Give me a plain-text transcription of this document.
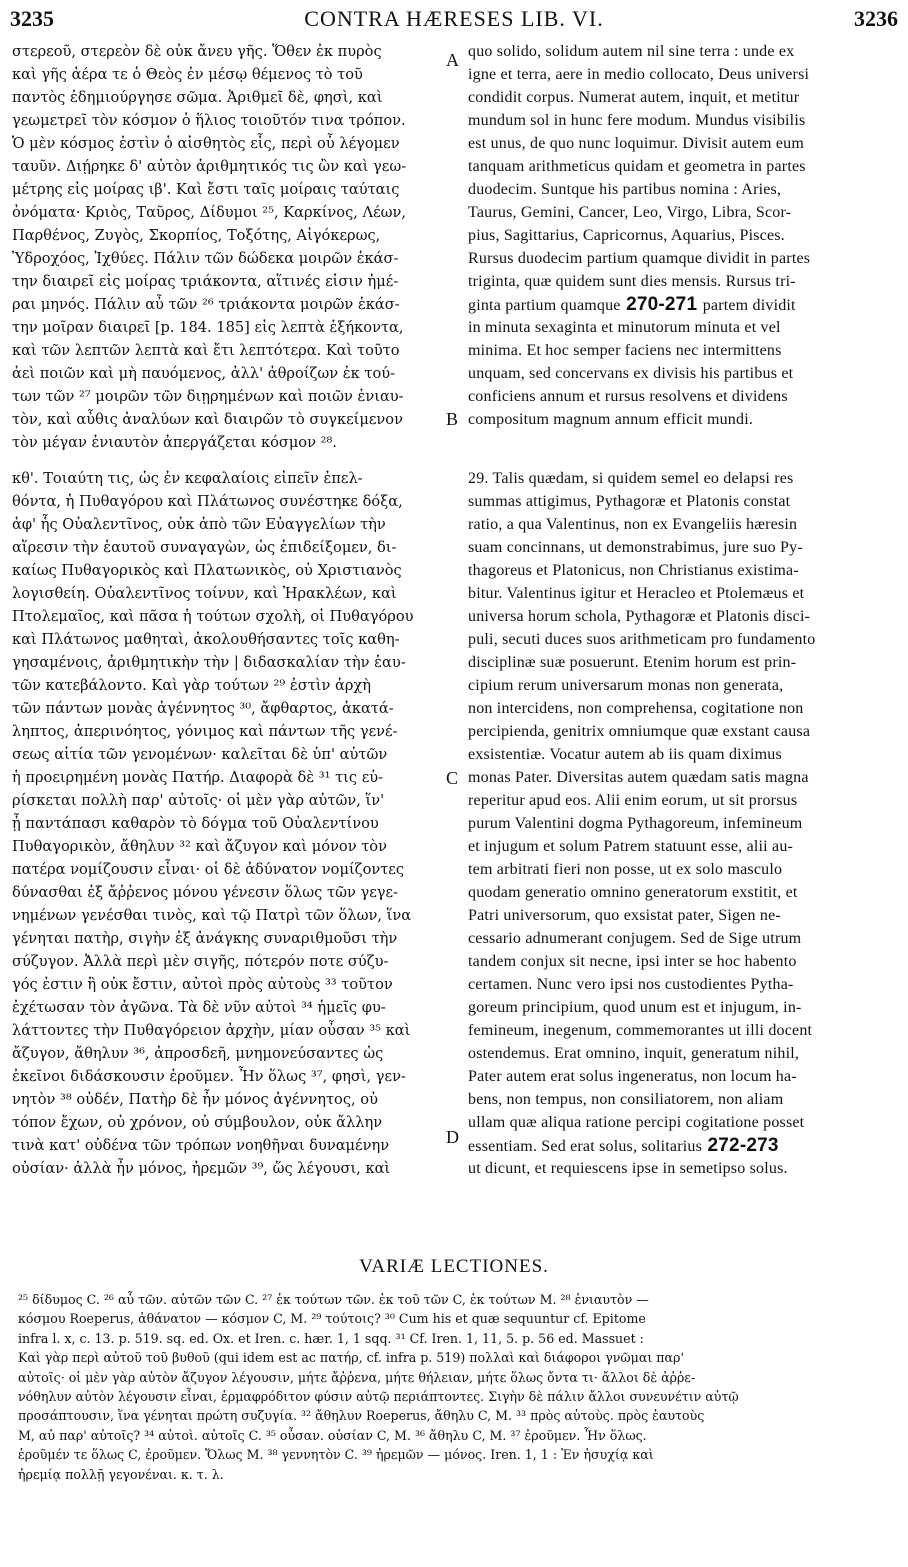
3235	CONTRA HÆRESES LIB. VI.	3236
στερεοῦ, στερεὸν δὲ οὐκ ἄνευ γῆς. Ὅθεν ἐκ πυρὸς
καὶ γῆς ἀέρα τε ὁ Θεὸς ἐν μέσῳ θέμενος τὸ τοῦ
παντὸς ἐδημιούργησε σῶμα. Ἀριθμεῖ δὲ, φησὶ, καὶ
γεωμετρεῖ τὸν κόσμον ὁ ἥλιος τοιοῦτόν τινα τρόπον.
Ὁ μὲν κόσμος ἐστὶν ὁ αἰσθητὸς εἷς, περὶ οὗ λέγομεν
ταυῦν. Διῄρηκε δ' αὐτὸν ἀριθμητικός τις ὢν καὶ γεω-
μέτρης εἰς μοίρας ιβ'. Καὶ ἔστι ταῖς μοίραις ταύταις
ὀνόματα· Κριὸς, Ταῦρος, Δίδυμοι ²⁵, Καρκίνος, Λέων,
Παρθένος, Ζυγὸς, Σκορπίος, Τοξότης, Αἰγόκερως,
Ὑδροχόος, Ἰχθύες. Πάλιν τῶν δώδεκα μοιρῶν ἑκάσ-
την διαιρεῖ εἰς μοίρας τριάκοντα, αἵτινές εἰσιν ἡμέ-
ραι μηνός. Πάλιν αὖ τῶν ²⁶ τριάκοντα μοιρῶν ἑκάσ-
την μοῖραν διαιρεῖ [p. 184. 185] εἰς λεπτὰ ἑξήκοντα,
καὶ τῶν λεπτῶν λεπτὰ καὶ ἔτι λεπτότερα. Καὶ τοῦτο
ἀεὶ ποιῶν καὶ μὴ παυόμενος, ἀλλ' ἀθροίζων ἐκ τού-
των τῶν ²⁷ μοιρῶν τῶν διῃρημένων καὶ ποιῶν ἐνιαυ-
τὸν, καὶ αὖθις ἀναλύων καὶ διαιρῶν τὸ συγκείμενον
τὸν μέγαν ἐνιαυτὸν ἀπεργάζεται κόσμον ²⁸.
κθ'. Τοιαύτη τις, ὡς ἐν κεφαλαίοις εἰπεῖν ἐπελ-
θόντα, ἡ Πυθαγόρου καὶ Πλάτωνος συνέστηκε δόξα,
ἀφ' ἧς Οὐαλεντῖνος, οὐκ ἀπὸ τῶν Εὐαγγελίων τὴν
αἵρεσιν τὴν ἑαυτοῦ συναγαγὼν, ὡς ἐπιδείξομεν, δι-
καίως Πυθαγορικὸς καὶ Πλατωνικὸς, οὐ Χριστιανὸς
λογισθείη. Οὐαλεντῖνος τοίνυν, καὶ Ἡρακλέων, καὶ
Πτολεμαῖος, καὶ πᾶσα ἡ τούτων σχολὴ, οἱ Πυθαγόρου
καὶ Πλάτωνος μαθηταὶ, ἀκολουθήσαντες τοῖς καθη-
γησαμένοις, ἀριθμητικὴν τὴν | διδασκαλίαν τὴν ἑαυ-
τῶν κατεβάλοντο. Καὶ γὰρ τούτων ²⁹ ἐστὶν ἀρχὴ
τῶν πάντων μονὰς ἀγέννητος ³⁰, ἄφθαρτος, ἀκατά-
ληπτος, ἀπερινόητος, γόνιμος καὶ πάντων τῆς γενέ-
σεως αἰτία τῶν γενομένων· καλεῖται δὲ ὑπ' αὐτῶν
ἡ προειρημένη μονὰς Πατήρ. Διαφορὰ δὲ ³¹ τις εὑ-
ρίσκεται πολλὴ παρ' αὐτοῖς· οἱ μὲν γὰρ αὐτῶν, ἵν'
ᾖ παντάπασι καθαρὸν τὸ δόγμα τοῦ Οὐαλεντίνου
Πυθαγορικὸν, ἄθηλυν ³² καὶ ἄζυγον καὶ μόνον τὸν
πατέρα νομίζουσιν εἶναι· οἱ δὲ ἀδύνατον νομίζοντες
δύνασθαι ἐξ ἄῤῥενος μόνου γένεσιν ὅλως τῶν γεγε-
νημένων γενέσθαι τινὸς, καὶ τῷ Πατρὶ τῶν ὅλων, ἵνα
γένηται πατὴρ, σιγὴν ἐξ ἀνάγκης συναριθμοῦσι τὴν
σύζυγον. Ἀλλὰ περὶ μὲν σιγῆς, πότερόν ποτε σύζυ-
γός ἐστιν ἢ οὐκ ἔστιν, αὐτοὶ πρὸς αὐτοὺς ³³ τοῦτον
ἐχέτωσαν τὸν ἀγῶνα. Τὰ δὲ νῦν αὐτοὶ ³⁴ ἡμεῖς φυ-
λάττοντες τὴν Πυθαγόρειον ἀρχὴν, μίαν οὖσαν ³⁵ καὶ
ἄζυγον, ἄθηλυν ³⁶, ἀπροσδεῆ, μνημονεύσαντες ὡς
ἐκεῖνοι διδάσκουσιν ἐροῦμεν. Ἦν ὅλως ³⁷, φησὶ, γεν-
νητὸν ³⁸ οὐδέν, Πατὴρ δὲ ἦν μόνος ἀγέννητος, οὐ
τόπον ἔχων, οὐ χρόνον, οὐ σύμβουλον, οὐκ ἄλλην
τινὰ κατ' οὐδένα τῶν τρόπων νοηθῆναι δυναμένην
οὐσίαν· ἀλλὰ ἦν μόνος, ἠρεμῶν ³⁹, ὥς λέγουσι, καὶ
A
B
C
D
quo solido, solidum autem nil sine terra : unde ex
igne et terra, aere in medio collocato, Deus universi
condidit corpus. Numerat autem, inquit, et metitur
mundum sol in hunc fere modum. Mundus visibilis
est unus, de quo nunc loquimur. Divisit autem eum
tanquam arithmeticus quidam et geometra in partes
duodecim. Suntque his partibus nomina : Aries,
Taurus, Gemini, Cancer, Leo, Virgo, Libra, Scor-
pius, Sagittarius, Capricornus, Aquarius, Pisces.
Rursus duodecim partium quamque dividit in partes
triginta, quæ quidem sunt dies mensis. Rursus tri-
ginta partium quamque 270-271 partem dividit
in minuta sexaginta et minutorum minuta et vel
minima. Et hoc semper faciens nec intermittens
unquam, sed concervans ex divisis his partibus et
conficiens annum et rursus resolvens et dividens
compositum magnum annum efficit mundi.
29. Talis quædam, si quidem semel eo delapsi res
summas attigimus, Pythagoræ et Platonis constat
ratio, a qua Valentinus, non ex Evangeliis hæresin
suam concinnans, ut demonstrabimus, jure suo Py-
thagoreus et Platonicus, non Christianus existima-
bitur. Valentinus igitur et Heracleo et Ptolemæus et
universa horum schola, Pythagoræ et Platonis disci-
puli, secuti duces suos arithmeticam pro fundamento
disciplinæ suæ posuerunt. Etenim horum est prin-
cipium rerum universarum monas non generata,
non intercidens, non comprehensa, cogitatione non
percipienda, genitrix omniumque quæ exstant causa
exsistentiæ. Vocatur autem ab iis quam diximus
monas Pater. Diversitas autem quædam satis magna
reperitur apud eos. Alii enim eorum, ut sit prorsus
purum Valentini dogma Pythagoreum, infemineum
et injugum et solum Patrem statuunt esse, alii au-
tem arbitrati fieri non posse, ut ex solo masculo
quodam generatio omnino generatorum exstitit, et
Patri universorum, quo exsistat pater, Sigen ne-
cessario adnumerant conjugem. Sed de Sige utrum
tandem conjux sit necne, ipsi inter se hoc habento
certamen. Nunc vero ipsi nos custodientes Pytha-
goreum principium, quod unum est et injugum, in-
femineum, inegenum, commemorantes ut illi docent
ostendemus. Erat omnino, inquit, generatum nihil,
Pater autem erat solus ingeneratus, non locum ha-
bens, non tempus, non consiliatorem, non aliam
ullam quæ aliqua ratione percipi cogitatione posset
essentiam. Sed erat solus, solitarius 272-273
ut dicunt, et requiescens ipse in semetipso solus.
VARIÆ LECTIONES.
²⁵ δίδυμος C. ²⁶ αὖ τῶν. αὐτῶν τῶν C. ²⁷ ἐκ τούτων τῶν. ἐκ τοῦ τῶν C, ἐκ τούτων M. ²⁸ ἐνιαυτὸν —
κόσμου Roeperus, ἀθάνατον — κόσμον C, M. ²⁹ τούτοις? ³⁰ Cum his et quæ sequuntur cf. Epitome
infra l. x, c. 13. p. 519. sq. ed. Ox. et Iren. c. hær. 1, 1 sqq. ³¹ Cf. Iren. 1, 11, 5. p. 56 ed. Massuet :
Καὶ γὰρ περὶ αὐτοῦ τοῦ βυθοῦ (qui idem est ac πατήρ, cf. infra p. 519) πολλαὶ καὶ διάφοροι γνῶμαι παρ'
αὐτοῖς· οἱ μὲν γὰρ αὐτὸν ἄζυγον λέγουσιν, μήτε ἄῤῥενα, μήτε θήλειαν, μήτε ὅλως ὄντα τι· ἄλλοι δὲ ἀῤῥε-
νόθηλυν αὐτὸν λέγουσιν εἶναι, ἑρμαφρόδιτον φύσιν αὐτῷ περιάπτοντες. Σιγὴν δὲ πάλιν ἄλλοι συνευνέτιν αὐτῷ
προσάπτουσιν, ἵνα γένηται πρώτη συζυγία. ³² ἄθηλυν Roeperus, ἄθηλυ C, M. ³³ πρὸς αὐτοὺς. πρὸς ἑαυτοὺς
M, αὐ παρ' αὐτοῖς? ³⁴ αὐτοὶ. αὐτοῖς C. ³⁵ οὖσαν. οὐσίαν C, M. ³⁶ ἄθηλυ C, M. ³⁷ ἐροῦμεν. Ἦν ὅλως.
ἐροῦμέν τε ὅλως C, ἐροῦμεν. Ὅλως M. ³⁸ γεννητὸν C. ³⁹ ἠρεμῶν — μόνος. Iren. 1, 1 : Ἐν ἡσυχίᾳ καὶ
ἠρεμίᾳ πολλῇ γεγονέναι. κ. τ. λ.
